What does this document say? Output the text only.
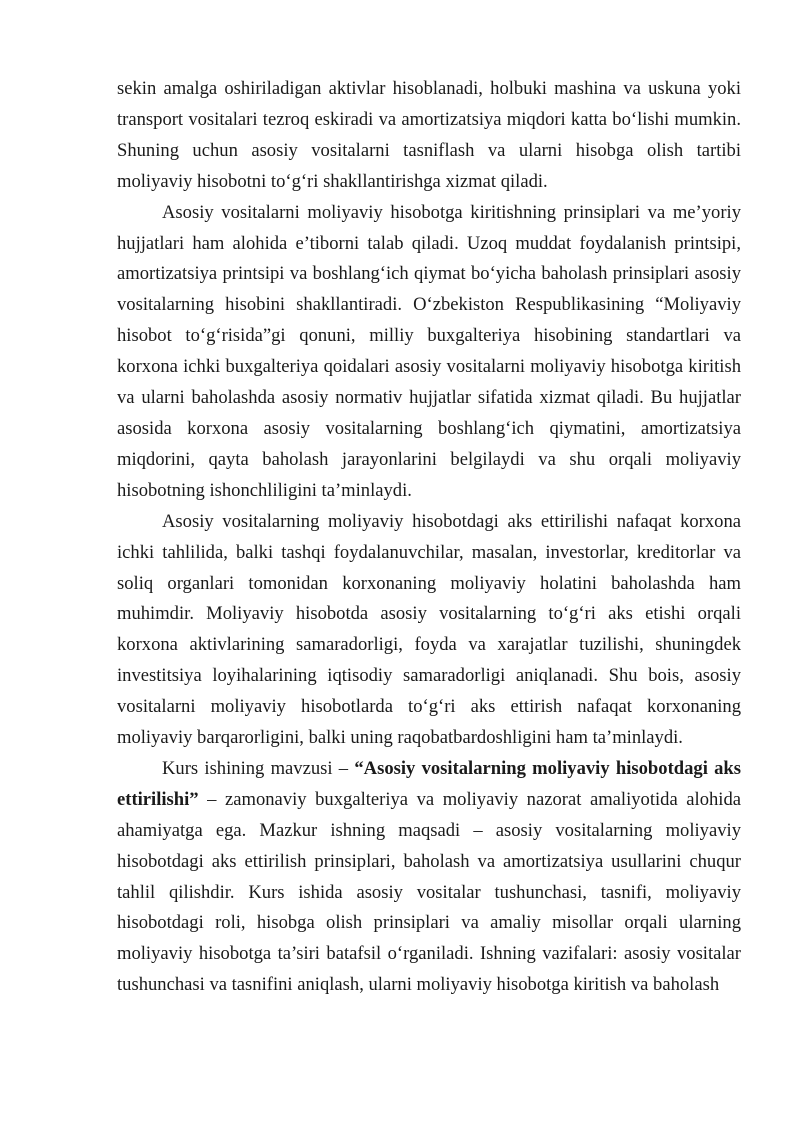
sekin amalga oshiriladigan aktivlar hisoblanadi, holbuki mashina va uskuna yoki transport vositalari tezroq eskiradi va amortizatsiya miqdori katta bo‘lishi mumkin. Shuning uchun asosiy vositalarni tasniflash va ularni hisobga olish tartibi moliyaviy hisobotni to‘g‘ri shakllantirishga xizmat qiladi.

Asosiy vositalarni moliyaviy hisobotga kiritishning prinsiplari va me’yoriy hujjatlari ham alohida e’tiborni talab qiladi. Uzoq muddat foydalanish printsipi, amortizatsiya printsipi va boshlang‘ich qiymat bo‘yicha baholash prinsiplari asosiy vositalarning hisobini shakllantiradi. O‘zbekiston Respublikasining “Moliyaviy hisobot to‘g‘risida”gi qonuni, milliy buxgalteriya hisobining standartlari va korxona ichki buxgalteriya qoidalari asosiy vositalarni moliyaviy hisobotga kiritish va ularni baholashda asosiy normativ hujjatlar sifatida xizmat qiladi. Bu hujjatlar asosida korxona asosiy vositalarning boshlang‘ich qiymatini, amortizatsiya miqdorini, qayta baholash jarayonlarini belgilaydi va shu orqali moliyaviy hisobotning ishonchliligini ta’minlaydi.

Asosiy vositalarning moliyaviy hisobotdagi aks ettirilishi nafaqat korxona ichki tahlilida, balki tashqi foydalanuvchilar, masalan, investorlar, kreditorlar va soliq organlari tomonidan korxonaning moliyaviy holatini baholashda ham muhimdir. Moliyaviy hisobotda asosiy vositalarning to‘g‘ri aks etishi orqali korxona aktivlarining samaradorligi, foyda va xarajatlar tuzilishi, shuningdek investitsiya loyihalarining iqtisodiy samaradorligi aniqlanadi. Shu bois, asosiy vositalarni moliyaviy hisobotlarda to‘g‘ri aks ettirish nafaqat korxonaning moliyaviy barqarorligini, balki uning raqobatbardoshligini ham ta’minlaydi.

Kurs ishining mavzusi – “Asosiy vositalarning moliyaviy hisobotdagi aks ettirilishi” – zamonaviy buxgalteriya va moliyaviy nazorat amaliyotida alohida ahamiyatga ega. Mazkur ishning maqsadi – asosiy vositalarning moliyaviy hisobotdagi aks ettirilish prinsiplari, baholash va amortizatsiya usullarini chuqur tahlil qilishdir. Kurs ishida asosiy vositalar tushunchasi, tasnifi, moliyaviy hisobotdagi roli, hisobga olish prinsiplari va amaliy misollar orqali ularning moliyaviy hisobotga ta’siri batafsil o‘rganiladi. Ishning vazifalari: asosiy vositalar tushunchasi va tasnifini aniqlash, ularni moliyaviy hisobotga kiritish va baholash
